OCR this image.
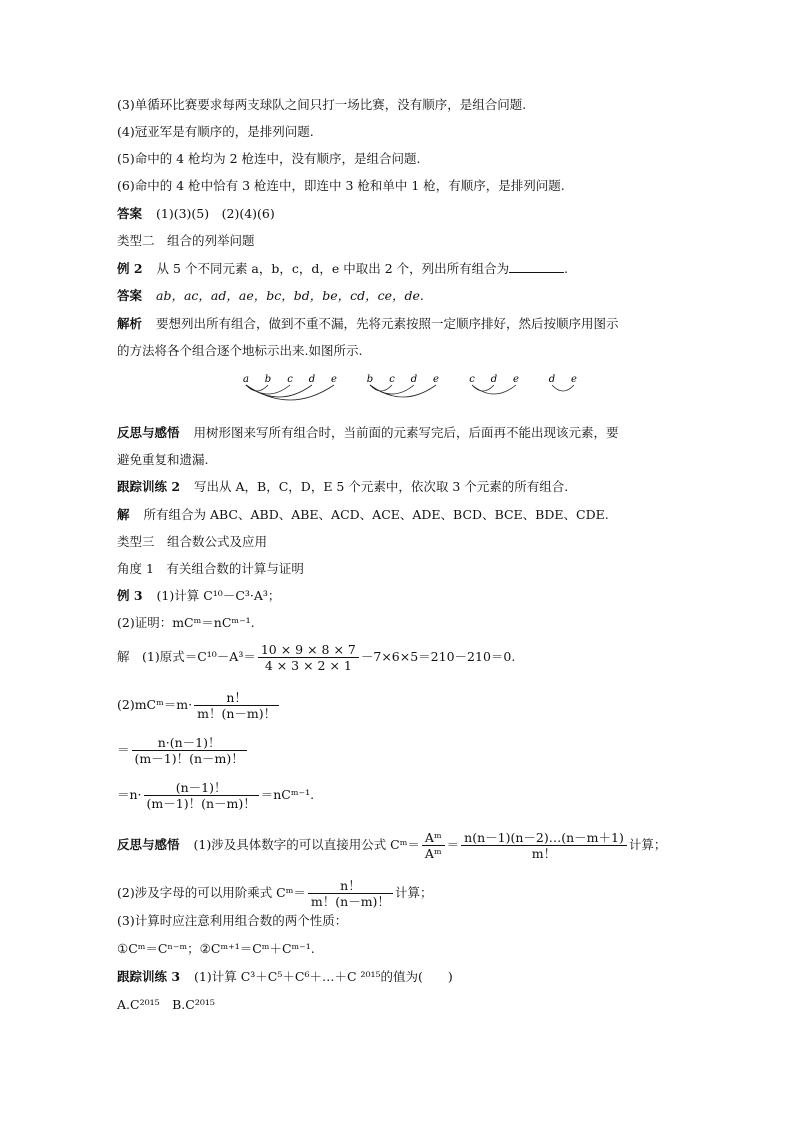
(3)单循环比赛要求每两支球队之间只打一场比赛，没有顺序，是组合问题.
(4)冠亚军是有顺序的，是排列问题.
(5)命中的 4 枪均为 2 枪连中，没有顺序，是组合问题.
(6)命中的 4 枪中恰有 3 枪连中，即连中 3 枪和单中 1 枪，有顺序，是排列问题.
答案 (1)(3)(5)　(2)(4)(6)
类型二　组合的列举问题
例 2 从 5 个不同元素 a，b，c，d，e 中取出 2 个，列出所有组合为	.
答案 ab，ac，ad，ae，bc，bd，be，cd，ce，de.
解析 要想列出所有组合，做到不重不漏，先将元素按照一定顺序排好，然后按顺序用图示
的方法将各个组合逐个地标示出来.如图所示.
a b c d e	b c d e	c d e	d e
反思与感悟 用树形图来写所有组合时，当前面的元素写完后，后面再不能出现该元素，要
避免重复和遗漏.
跟踪训练 2 写出从 A，B，C，D，E 5 个元素中，依次取 3 个元素的所有组合.
解 所有组合为 ABC、ABD、ABE、ACD、ACE、ADE、BCD、BCE、BDE、CDE.
类型三　组合数公式及应用
角度 1　有关组合数的计算与证明
例 3 (1)计算 C¹⁰－C³·A³；
(2)证明：mCᵐ＝nCᵐ⁻¹.
解　(1)原式$=C^{10}-A^3= \frac{10 \times 9 \times 8 \times 7}{4 \times 3 \times 2 \times 1} -7\times 6\times 5=210-210=0$.
(2)mCᵐ＝m· $\frac{n!}{m!(n-m)!}$
＝ $\frac{n\cdot(n-1)!}{(m-1)!(n-m)!}$
$=n\cdot \frac{(n-1)!}{(m-1)!(n-m)!}$ ＝nCᵐ⁻¹.
反思与感悟 (1)涉及具体数字的可以直接用公式 Cᵐ＝ $\frac{\text{Aᵐ}}{\text{Aᵐ}} = \frac{n(n-1)(n-2)\dots(n-m+1)}{m!}$ 计算；
(2)涉及字母的可以用阶乘式 Cᵐ＝ $\frac{n!}{m!(n-m)!}$ 计算；
(3)计算时应注意利用组合数的两个性质：
①Cᵐ＝Cⁿ⁻ᵐ；②Cᵐ⁺¹＝Cᵐ＋Cᵐ⁻¹.
跟踪训练 3 (1)计算 C³＋C⁵＋C⁶＋…＋C ²⁰¹⁵的值为(　　)
A.C²⁰¹⁵　B.C²⁰¹⁵
